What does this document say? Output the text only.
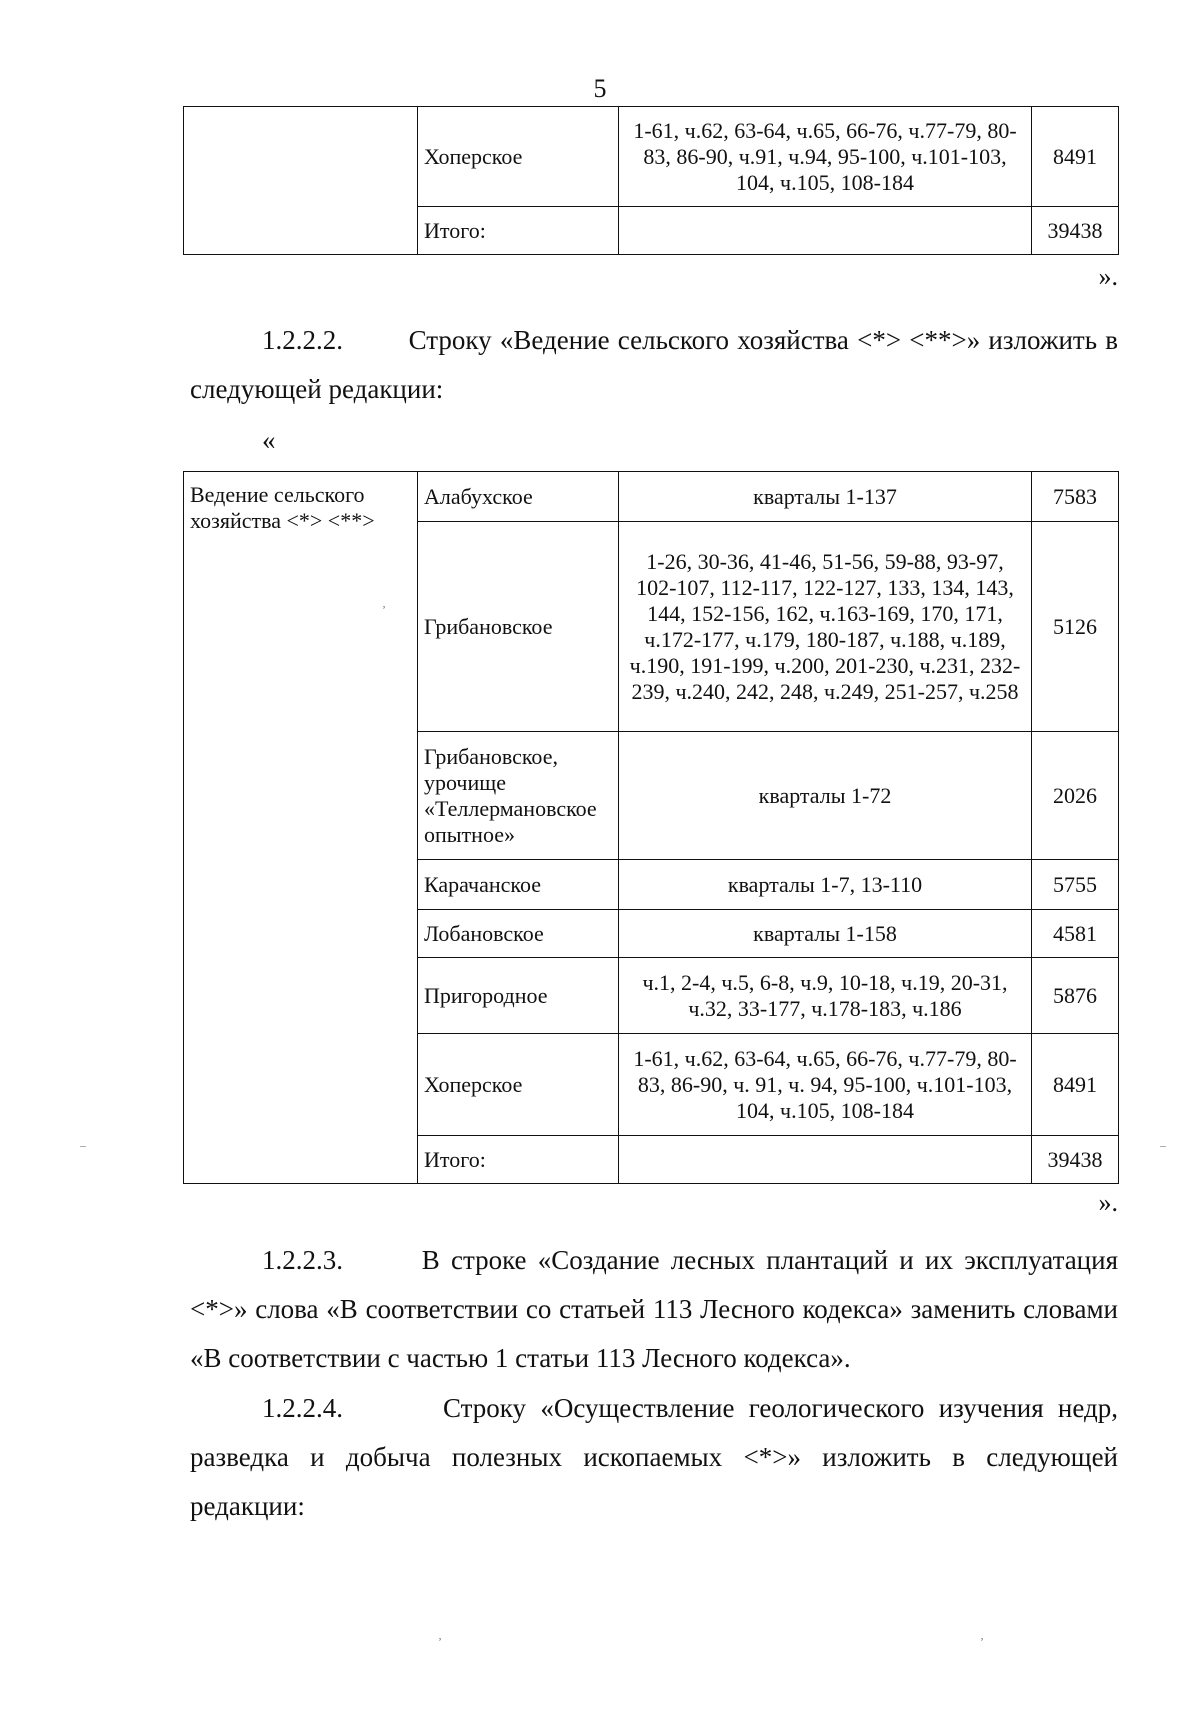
5
	Хоперское	1-61, ч.62, 63-64, ч.65, 66-76, ч.77-79, 80-83, 86-90, ч.91, ч.94, 95-100, ч.101-103, 104, ч.105, 108-184	8491
	Итого:		39438
».

1.2.2.2.        Строку «Ведение сельского хозяйства <*> <**>» изложить в следующей редакции:

«
Ведение сельского хозяйства <*> <**>	Алабухское	кварталы 1-137	7583
	Грибановское	1-26, 30-36, 41-46, 51-56, 59-88, 93-97, 102-107, 112-117, 122-127, 133, 134, 143, 144, 152-156, 162, ч.163-169, 170, 171, ч.172-177, ч.179, 180-187, ч.188, ч.189, ч.190, 191-199, ч.200, 201-230, ч.231, 232-239, ч.240, 242, 248, ч.249, 251-257, ч.258	5126
	Грибановское, урочище «Теллермановское опытное»	кварталы 1-72	2026
	Карачанское	кварталы 1-7, 13-110	5755
	Лобановское	кварталы 1-158	4581
	Пригородное	ч.1, 2-4, ч.5, 6-8, ч.9, 10-18, ч.19, 20-31, ч.32, 33-177, ч.178-183, ч.186	5876
	Хоперское	1-61, ч.62, 63-64, ч.65, 66-76, ч.77-79, 80-83, 86-90, ч. 91, ч. 94, 95-100, ч.101-103, 104, ч.105, 108-184	8491
	Итого:		39438
».

1.2.2.3.       В строке «Создание лесных плантаций и их эксплуатация <*>» слова «В соответствии со статьей 113 Лесного кодекса» заменить словами «В соответствии с частью 1 статьи 113 Лесного кодекса».

1.2.2.4.       Строку «Осуществление геологического изучения недр, разведка и добыча полезных ископаемых <*>» изложить в следующей редакции:

‚
‚	‚
–	–
